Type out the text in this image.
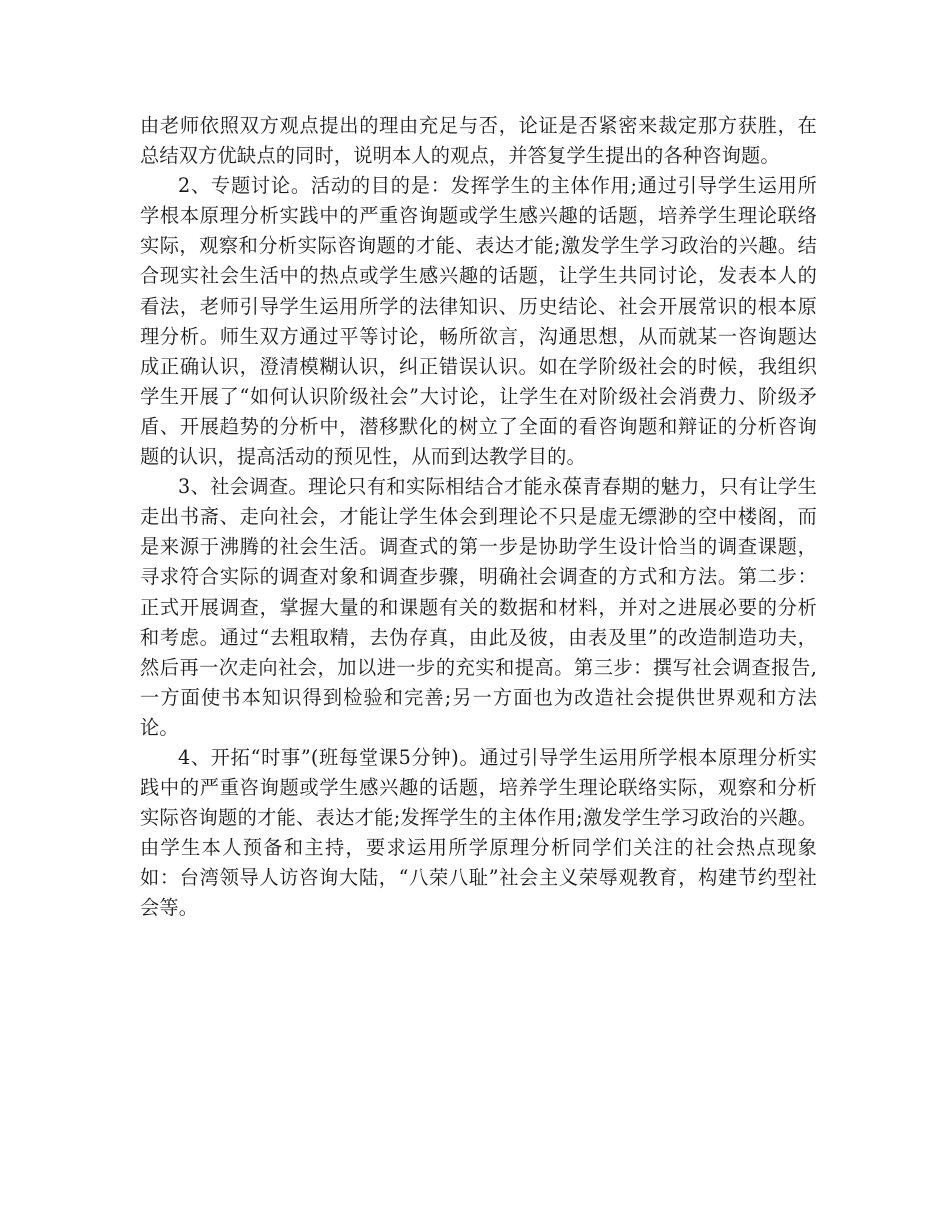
由老师依照双方观点提出的理由充足与否，论证是否紧密来裁定那方获胜，在总结双方优缺点的同时，说明本人的观点，并答复学生提出的各种咨询题。

2、专题讨论。活动的目的是：发挥学生的主体作用;通过引导学生运用所学根本原理分析实践中的严重咨询题或学生感兴趣的话题，培养学生理论联络实际，观察和分析实际咨询题的才能、表达才能;激发学生学习政治的兴趣。结合现实社会生活中的热点或学生感兴趣的话题，让学生共同讨论，发表本人的看法，老师引导学生运用所学的法律知识、历史结论、社会开展常识的根本原理分析。师生双方通过平等讨论，畅所欲言，沟通思想，从而就某一咨询题达成正确认识，澄清模糊认识，纠正错误认识。如在学阶级社会的时候，我组织学生开展了“如何认识阶级社会”大讨论，让学生在对阶级社会消费力、阶级矛盾、开展趋势的分析中，潜移默化的树立了全面的看咨询题和辩证的分析咨询题的认识，提高活动的预见性，从而到达教学目的。

3、社会调查。理论只有和实际相结合才能永葆青春期的魅力，只有让学生走出书斋、走向社会，才能让学生体会到理论不只是虚无缥渺的空中楼阁，而是来源于沸腾的社会生活。调查式的第一步是协助学生设计恰当的调查课题，寻求符合实际的调查对象和调查步骤，明确社会调查的方式和方法。第二步：正式开展调查，掌握大量的和课题有关的数据和材料，并对之进展必要的分析和考虑。通过“去粗取精，去伪存真，由此及彼，由表及里”的改造制造功夫，然后再一次走向社会，加以进一步的充实和提高。第三步：撰写社会调查报告,一方面使书本知识得到检验和完善;另一方面也为改造社会提供世界观和方法论。

4、开拓“时事”(班每堂课5分钟)。通过引导学生运用所学根本原理分析实践中的严重咨询题或学生感兴趣的话题，培养学生理论联络实际，观察和分析实际咨询题的才能、表达才能;发挥学生的主体作用;激发学生学习政治的兴趣。由学生本人预备和主持，要求运用所学原理分析同学们关注的社会热点现象如：台湾领导人访咨询大陆，“八荣八耻”社会主义荣辱观教育，构建节约型社会等。
